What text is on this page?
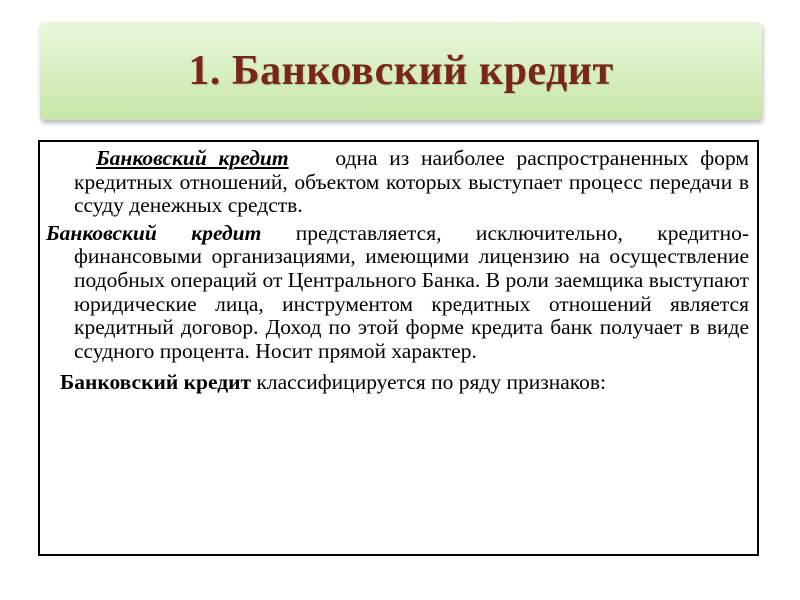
1. Банковский кредит

Банковский кредит одна из наиболее распространенных форм кредитных отношений, объектом которых выступает процесс передачи в ссуду денежных средств.

Банковский кредит представляется, исключительно, кредитно-финансовыми организациями, имеющими лицензию на осуществление подобных операций от Центрального Банка. В роли заемщика выступают юридические лица, инструментом кредитных отношений является кредитный договор. Доход по этой форме кредита банк получает в виде ссудного процента. Носит прямой характер.

Банковский кредит классифицируется по ряду признаков:
